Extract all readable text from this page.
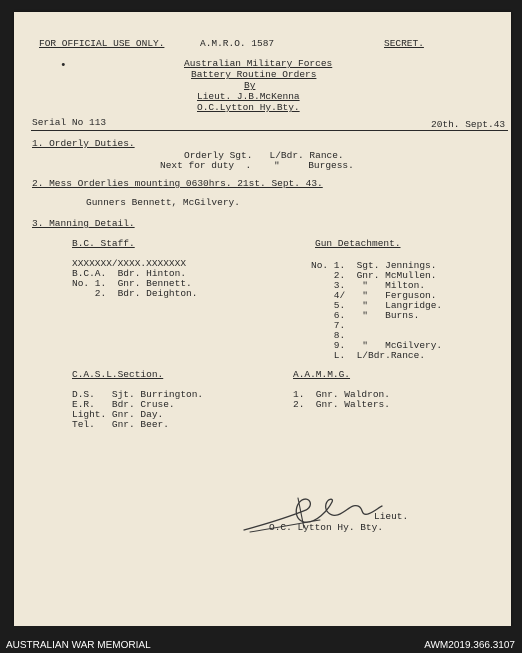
FOR OFFICIAL USE ONLY.	A.M.R.O. 1587	SECRET.
•	Australian Military Forces
Battery Routine Orders
By
Lieut. J.B.McKenna
O.C.Lytton Hy.Bty.
Serial No 113	20th. Sept.43
1. Orderly Duties.
Orderly Sgt.   L/Bdr. Rance.
Next for duty  .    "     Burgess.
2. Mess Orderlies mounting 0630hrs. 21st. Sept. 43.
Gunners Bennett, McGilvery.
3. Manning Detail.
B.C. Staff.
XXXXXXX/XXXX.XXXXXXX
B.C.A.  Bdr. Hinton.
No. 1.  Gnr. Bennett.
2.  Bdr. Deighton.
Gun Detachment.
No. 1.  Sgt. Jennings.
2.  Gnr. McMullen.
3.   "   Milton.
4/   "   Ferguson.
5.   "   Langridge.
6.   "   Burns.
7.
8.
9.   "   McGilvery.
L.  L/Bdr.Rance.
C.A.S.L.Section.
D.S.   Sjt. Burrington.
E.R.   Bdr. Cruse.
Light. Gnr. Day.
Tel.   Gnr. Beer.
A.A.M.M.G.
1.  Gnr. Waldron.
2.  Gnr. Walters.
Lieut.
O.C. Lytton Hy. Bty.
AUSTRALIAN WAR MEMORIAL	AWM2019.366.3107
